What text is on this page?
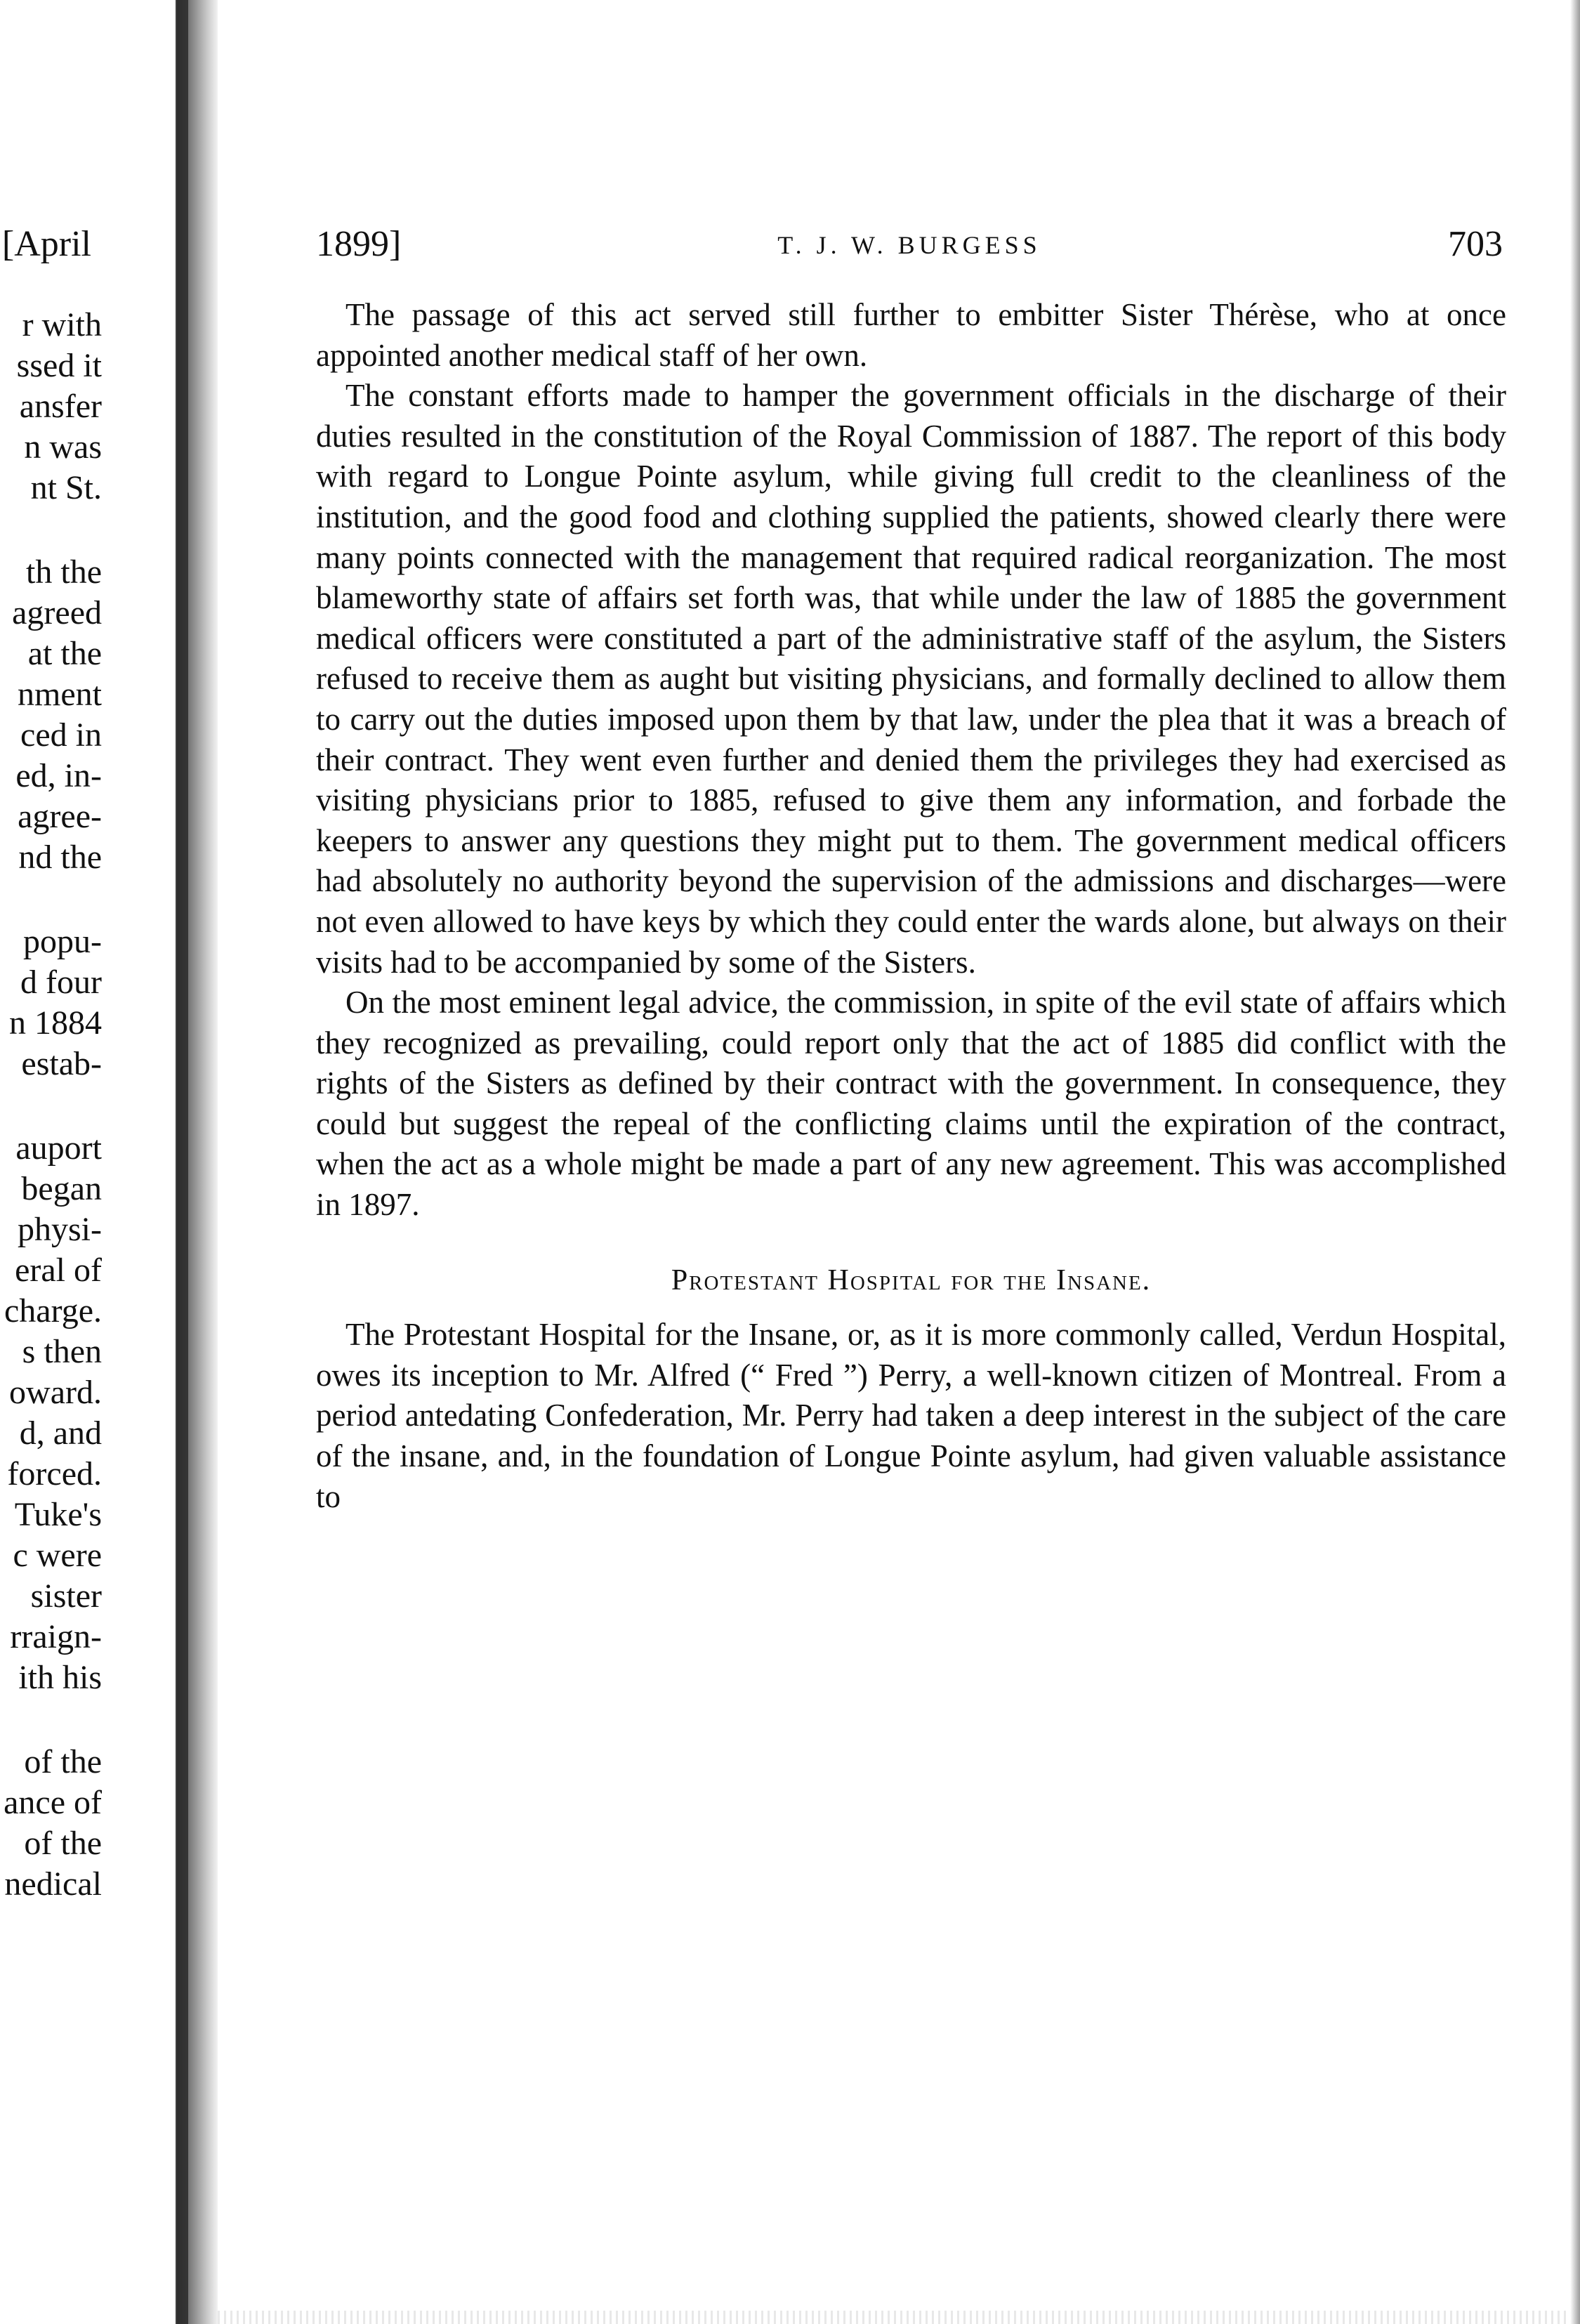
[April
r with
ssed it
ansfer
n was
nt St.
th the
agreed
at the
nment
ced in
ed, in-
agree-
nd the
popu-
d four
n 1884
estab-
auport
began
physi-
eral of
charge.
s then
oward.
d, and
forced.
Tuke's
c were
sister
rraign-
ith his
of the
ance of
of the
nedical
1899]	T. J. W. BURGESS	703

The passage of this act served still further to embitter Sister Thérèse, who at once appointed another medical staff of her own.

The constant efforts made to hamper the government officials in the discharge of their duties resulted in the constitution of the Royal Commission of 1887. The report of this body with regard to Longue Pointe asylum, while giving full credit to the cleanliness of the institution, and the good food and clothing supplied the patients, showed clearly there were many points connected with the management that required radical reorganization. The most blameworthy state of affairs set forth was, that while under the law of 1885 the government medical officers were constituted a part of the administrative staff of the asylum, the Sisters refused to receive them as aught but visiting physicians, and formally declined to allow them to carry out the duties imposed upon them by that law, under the plea that it was a breach of their contract. They went even further and denied them the privileges they had exercised as visiting physicians prior to 1885, refused to give them any information, and forbade the keepers to answer any questions they might put to them. The government medical officers had absolutely no authority beyond the supervision of the admissions and discharges—were not even allowed to have keys by which they could enter the wards alone, but always on their visits had to be accompanied by some of the Sisters.

On the most eminent legal advice, the commission, in spite of the evil state of affairs which they recognized as prevailing, could report only that the act of 1885 did conflict with the rights of the Sisters as defined by their contract with the government. In consequence, they could but suggest the repeal of the conflicting claims until the expiration of the contract, when the act as a whole might be made a part of any new agreement. This was accomplished in 1897.

Protestant Hospital for the Insane.

The Protestant Hospital for the Insane, or, as it is more commonly called, Verdun Hospital, owes its inception to Mr. Alfred (“ Fred ”) Perry, a well-known citizen of Montreal. From a period antedating Confederation, Mr. Perry had taken a deep interest in the subject of the care of the insane, and, in the foundation of Longue Pointe asylum, had given valuable assistance to
